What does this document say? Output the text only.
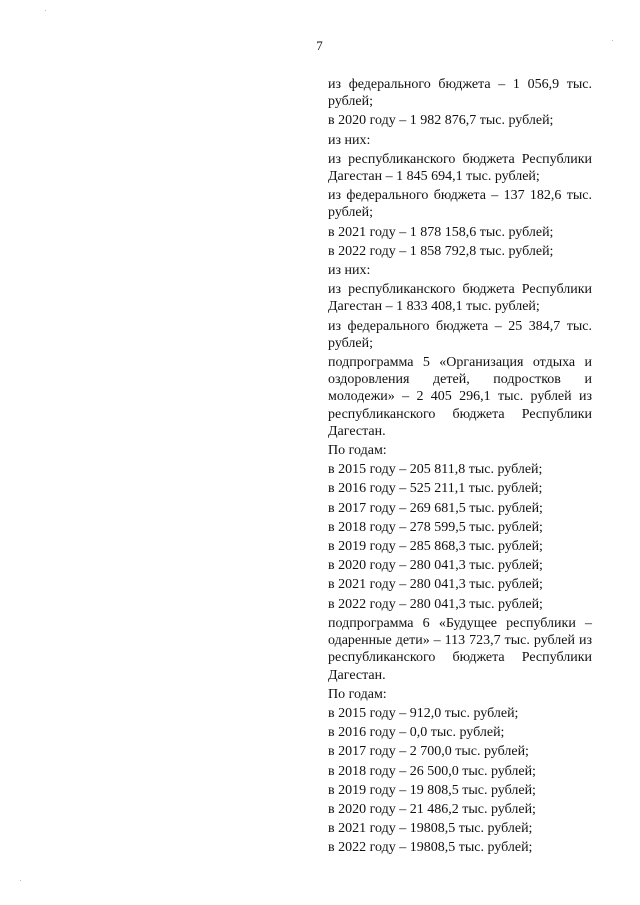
7

из федерального бюджета – 1 056,9 тыс. рублей;

в 2020 году – 1 982 876,7 тыс. рублей;

из них:

из республиканского бюджета Республики Дагестан – 1 845 694,1 тыс. рублей;

из федерального бюджета – 137 182,6 тыс. рублей;

в 2021 году – 1 878 158,6 тыс. рублей;

в 2022 году – 1 858 792,8 тыс. рублей;

из них:

из республиканского бюджета Республики Дагестан – 1 833 408,1 тыс. рублей;

из федерального бюджета – 25 384,7 тыс. рублей;

подпрограмма 5 «Организация отдыха и оздоровления детей, подростков и молодежи» – 2 405 296,1 тыс. рублей из республиканского бюджета Республики Дагестан.

По годам:

в 2015 году – 205 811,8 тыс. рублей;

в 2016 году – 525 211,1 тыс. рублей;

в 2017 году – 269 681,5 тыс. рублей;

в 2018 году – 278 599,5 тыс. рублей;

в 2019 году – 285 868,3 тыс. рублей;

в 2020 году – 280 041,3 тыс. рублей;

в 2021 году – 280 041,3 тыс. рублей;

в 2022 году – 280 041,3 тыс. рублей;

подпрограмма 6 «Будущее республики – одаренные дети» – 113 723,7 тыс. рублей из республиканского бюджета Республики Дагестан.

По годам:

в 2015 году – 912,0 тыс. рублей;

в 2016 году – 0,0 тыс. рублей;

в 2017 году – 2 700,0 тыс. рублей;

в 2018 году – 26 500,0 тыс. рублей;

в 2019 году – 19 808,5 тыс. рублей;

в 2020 году – 21 486,2 тыс. рублей;

в 2021 году – 19808,5 тыс. рублей;

в 2022 году – 19808,5 тыс. рублей;
